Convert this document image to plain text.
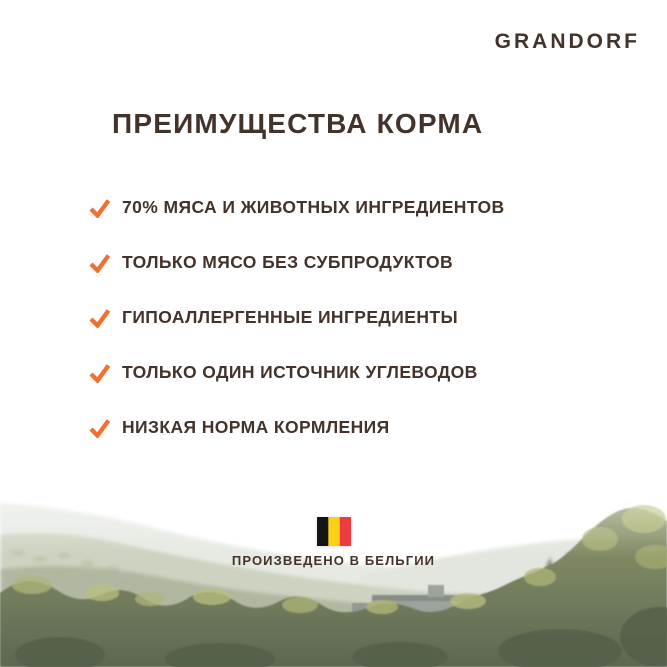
GRANDORF
ПРЕИМУЩЕСТВА КОРМА
70% МЯСА И ЖИВОТНЫХ ИНГРЕДИЕНТОВ
ТОЛЬКО МЯСО БЕЗ СУБПРОДУКТОВ
ГИПОАЛЛЕРГЕННЫЕ ИНГРЕДИЕНТЫ
ТОЛЬКО ОДИН ИСТОЧНИК УГЛЕВОДОВ
НИЗКАЯ НОРМА КОРМЛЕНИЯ
ПРОИЗВЕДЕНО В БЕЛЬГИИ
